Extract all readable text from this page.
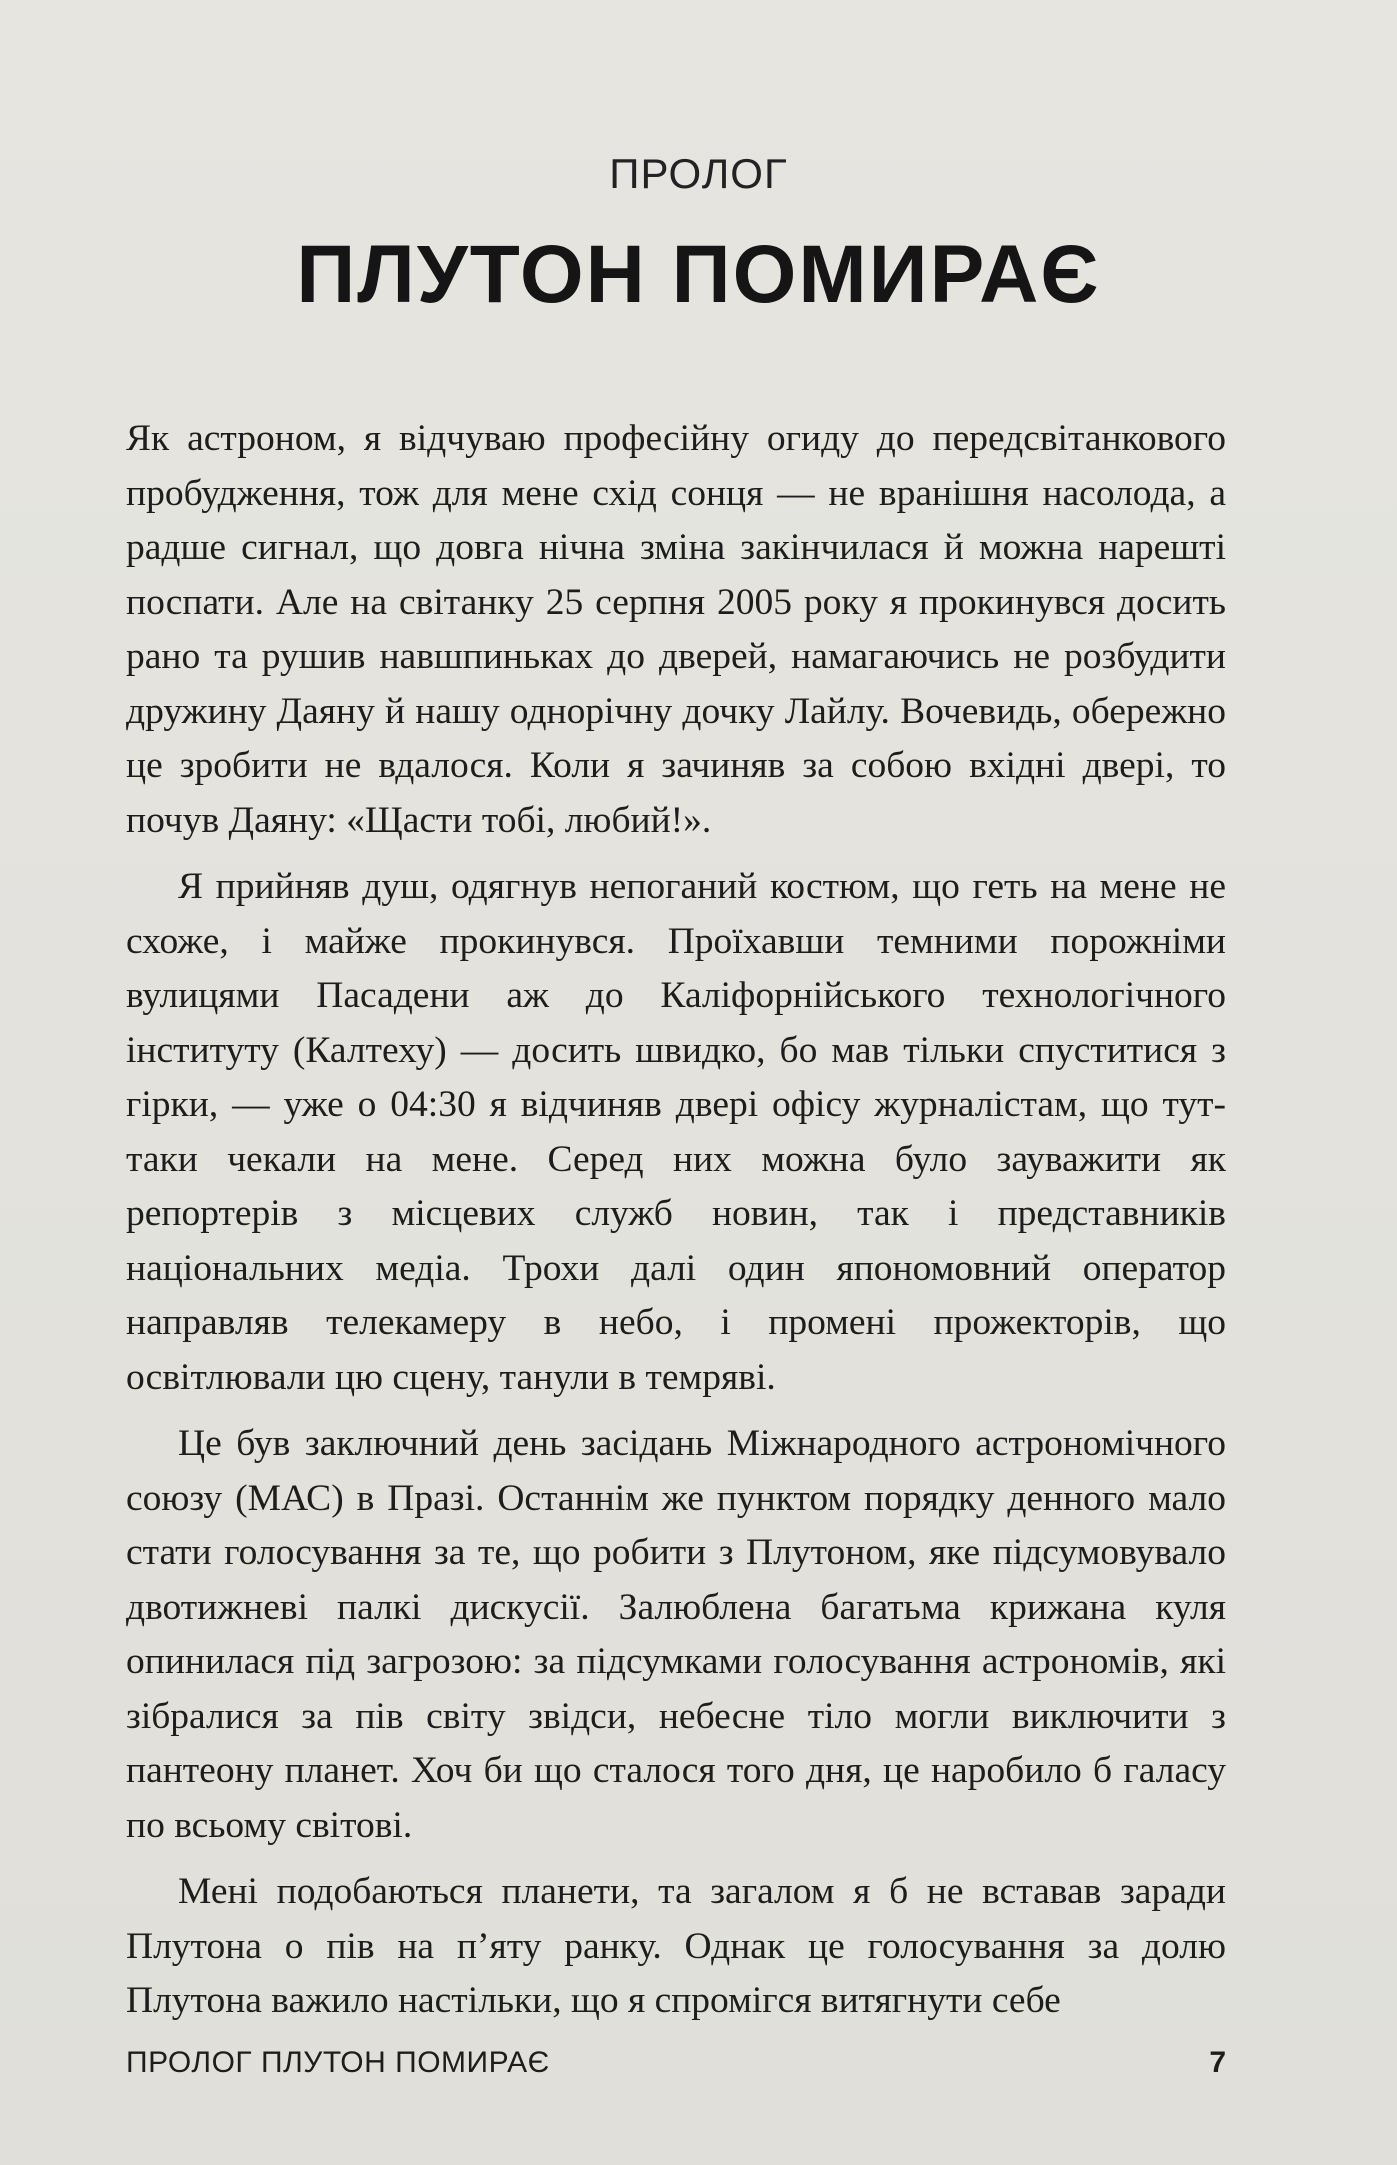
ПРОЛОГ
ПЛУТОН ПОМИРАЄ

Як астроном, я відчуваю професійну огиду до передсвітанкового пробудження, тож для мене схід сонця — не вранішня насолода, а радше сигнал, що довга нічна зміна закінчилася й можна нарешті поспати. Але на світанку 25 серпня 2005 року я прокинувся досить рано та рушив навшпиньках до дверей, намагаючись не розбудити дружину Даяну й нашу однорічну дочку Лайлу. Вочевидь, обережно це зробити не вдалося. Коли я зачиняв за собою вхідні двері, то почув Даяну: «Щасти тобі, любий!».

Я прийняв душ, одягнув непоганий костюм, що геть на мене не схоже, і майже прокинувся. Проїхавши темними порожніми вулицями Пасадени аж до Каліфорнійського технологічного інституту (Калтеху) — досить швидко, бо мав тільки спуститися з гірки, — уже о 04:30 я відчиняв двері офісу журналістам, що тут-таки чекали на мене. Серед них можна було зауважити як репортерів з місцевих служб новин, так і представників національних медіа. Трохи далі один япономовний оператор направляв телекамеру в небо, і промені прожекторів, що освітлювали цю сцену, танули в темряві.

Це був заключний день засідань Міжнародного астрономічного союзу (МАС) в Празі. Останнім же пунктом порядку денного мало стати голосування за те, що робити з Плутоном, яке підсумовувало двотижневі палкі дискусії. Залюблена багатьма крижана куля опинилася під загрозою: за підсумками голосування астрономів, які зібралися за пів світу звідси, небесне тіло могли виключити з пантеону планет. Хоч би що сталося того дня, це наробило б галасу по всьому світові.

Мені подобаються планети, та загалом я б не вставав заради Плутона о пів на п’яту ранку. Однак це голосування за долю Плутона важило настільки, що я спромігся витягнути себе

ПРОЛОГ ПЛУТОН ПОМИРАЄ	7
